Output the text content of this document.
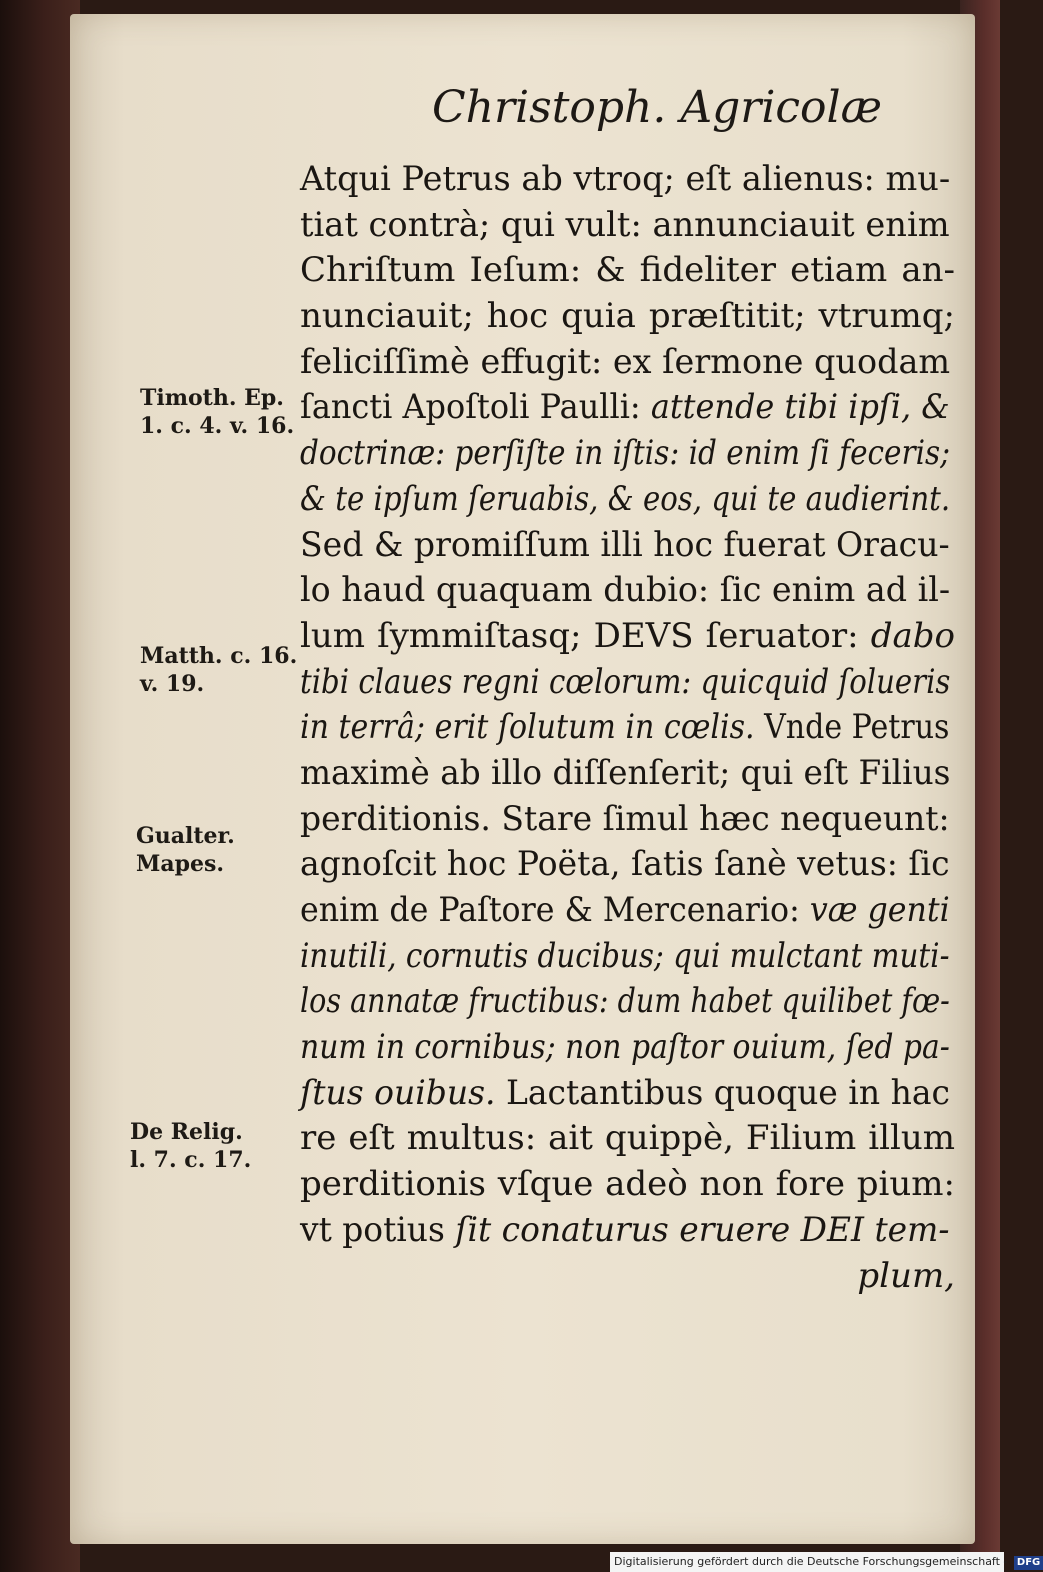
Christoph. Agricolæ
Atqui Petrus ab vtroq; eſt alienus: mu-
tiat contrà; qui vult: annunciauit enim
Chriſtum Ieſum: & fideliter etiam an-
nunciauit; hoc quia præſtitit; vtrumq;
feliciſſimè effugit: ex ſermone quodam
ſancti Apoſtoli Paulli: attende tibi ipſi, &
doctrinæ: perſiſte in iſtis: id enim ſi feceris;
& te ipſum ſeruabis, & eos, qui te audierint.
Sed & promiſſum illi hoc fuerat Oracu-
lo haud quaquam dubio: ſic enim ad il-
lum ſymmiſtasq; DEVS ſeruator: dabo
tibi claues regni cœlorum: quicquid ſolueris
in terrâ; erit ſolutum in cœlis. Vnde Petrus
maximè ab illo diſſenſerit; qui eſt Filius
perditionis. Stare ſimul hæc nequeunt:
agnoſcit hoc Poëta, ſatis ſanè vetus: ſic
enim de Paſtore & Mercenario: væ genti
inutili, cornutis ducibus; qui mulctant muti-
los annatæ fructibus: dum habet quilibet fœ-
num in cornibus; non paſtor ouium, ſed pa-
ſtus ouibus. Lactantibus quoque in hac
re eſt multus: ait quippè, Filium illum
perditionis vſque adeò non fore pium:
vt potius ſit conaturus eruere DEI tem-
plum,
Timoth. Ep.
1. c. 4. v. 16.
Matth. c. 16.
v. 19.
Gualter.
Mapes.
De Relig.
l. 7. c. 17.
Digitalisierung gefördert durch die Deutsche Forschungsgemeinschaft - DFG
